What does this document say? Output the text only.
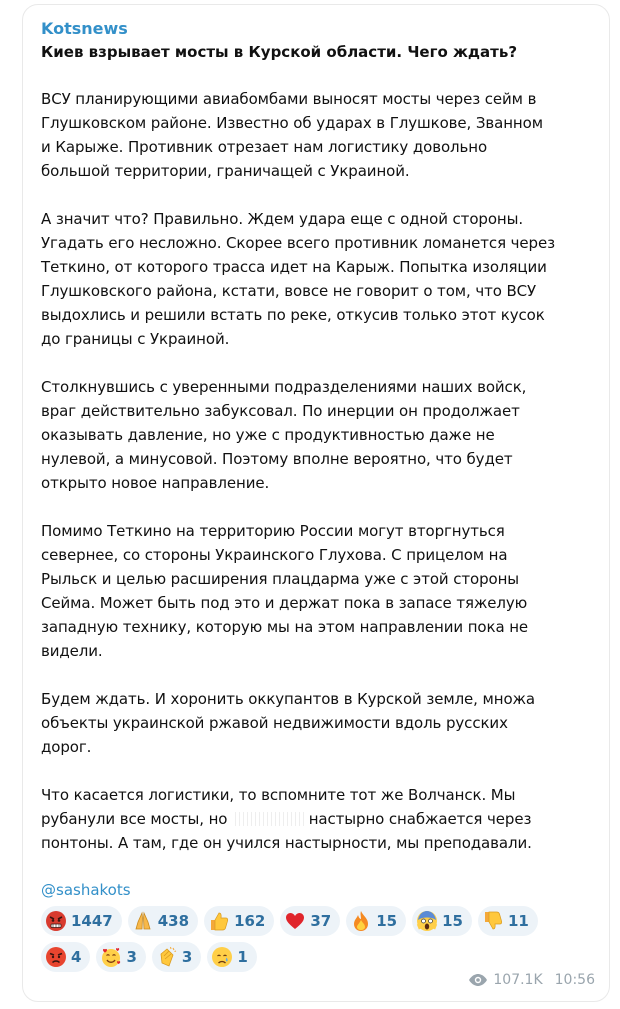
Kotsnews
Киев взрывает мосты в Курской области. Чего ждать?
ВСУ планирующими авиабомбами выносят мосты через сейм в
Глушковском районе. Известно об ударах в Глушкове, Званном
и Карыже. Противник отрезает нам логистику довольно
большой территории, граничащей с Украиной.
А значит что? Правильно. Ждем удара еще с одной стороны.
Угадать его несложно. Скорее всего противник ломанется через
Теткино, от которого трасса идет на Карыж. Попытка изоляции
Глушковского района, кстати, вовсе не говорит о том, что ВСУ
выдохлись и решили встать по реке, откусив только этот кусок
до границы с Украиной.
Столкнувшись с уверенными подразделениями наших войск,
враг действительно забуксовал. По инерции он продолжает
оказывать давление, но уже с продуктивностью даже не
нулевой, а минусовой. Поэтому вполне вероятно, что будет
открыто новое направление.
Помимо Теткино на территорию России могут вторгнуться
севернее, со стороны Украинского Глухова. С прицелом на
Рыльск и целью расширения плацдарма уже с этой стороны
Сейма. Может быть под это и держат пока в запасе тяжелую
западную технику, которую мы на этом направлении пока не
видели.
Будем ждать. И хоронить оккупантов в Курской земле, множа
объекты украинской ржавой недвижимости вдоль русских
дорог.
Что касается логистики, то вспомните тот же Волчанск. Мы
рубанули все мосты, но	настырно снабжается через
понтоны. А там, где он учился настырности, мы преподавали.
@sashakots
1447	438	162	37	15	15	11
4	3	3	1
107.1K 10:56
